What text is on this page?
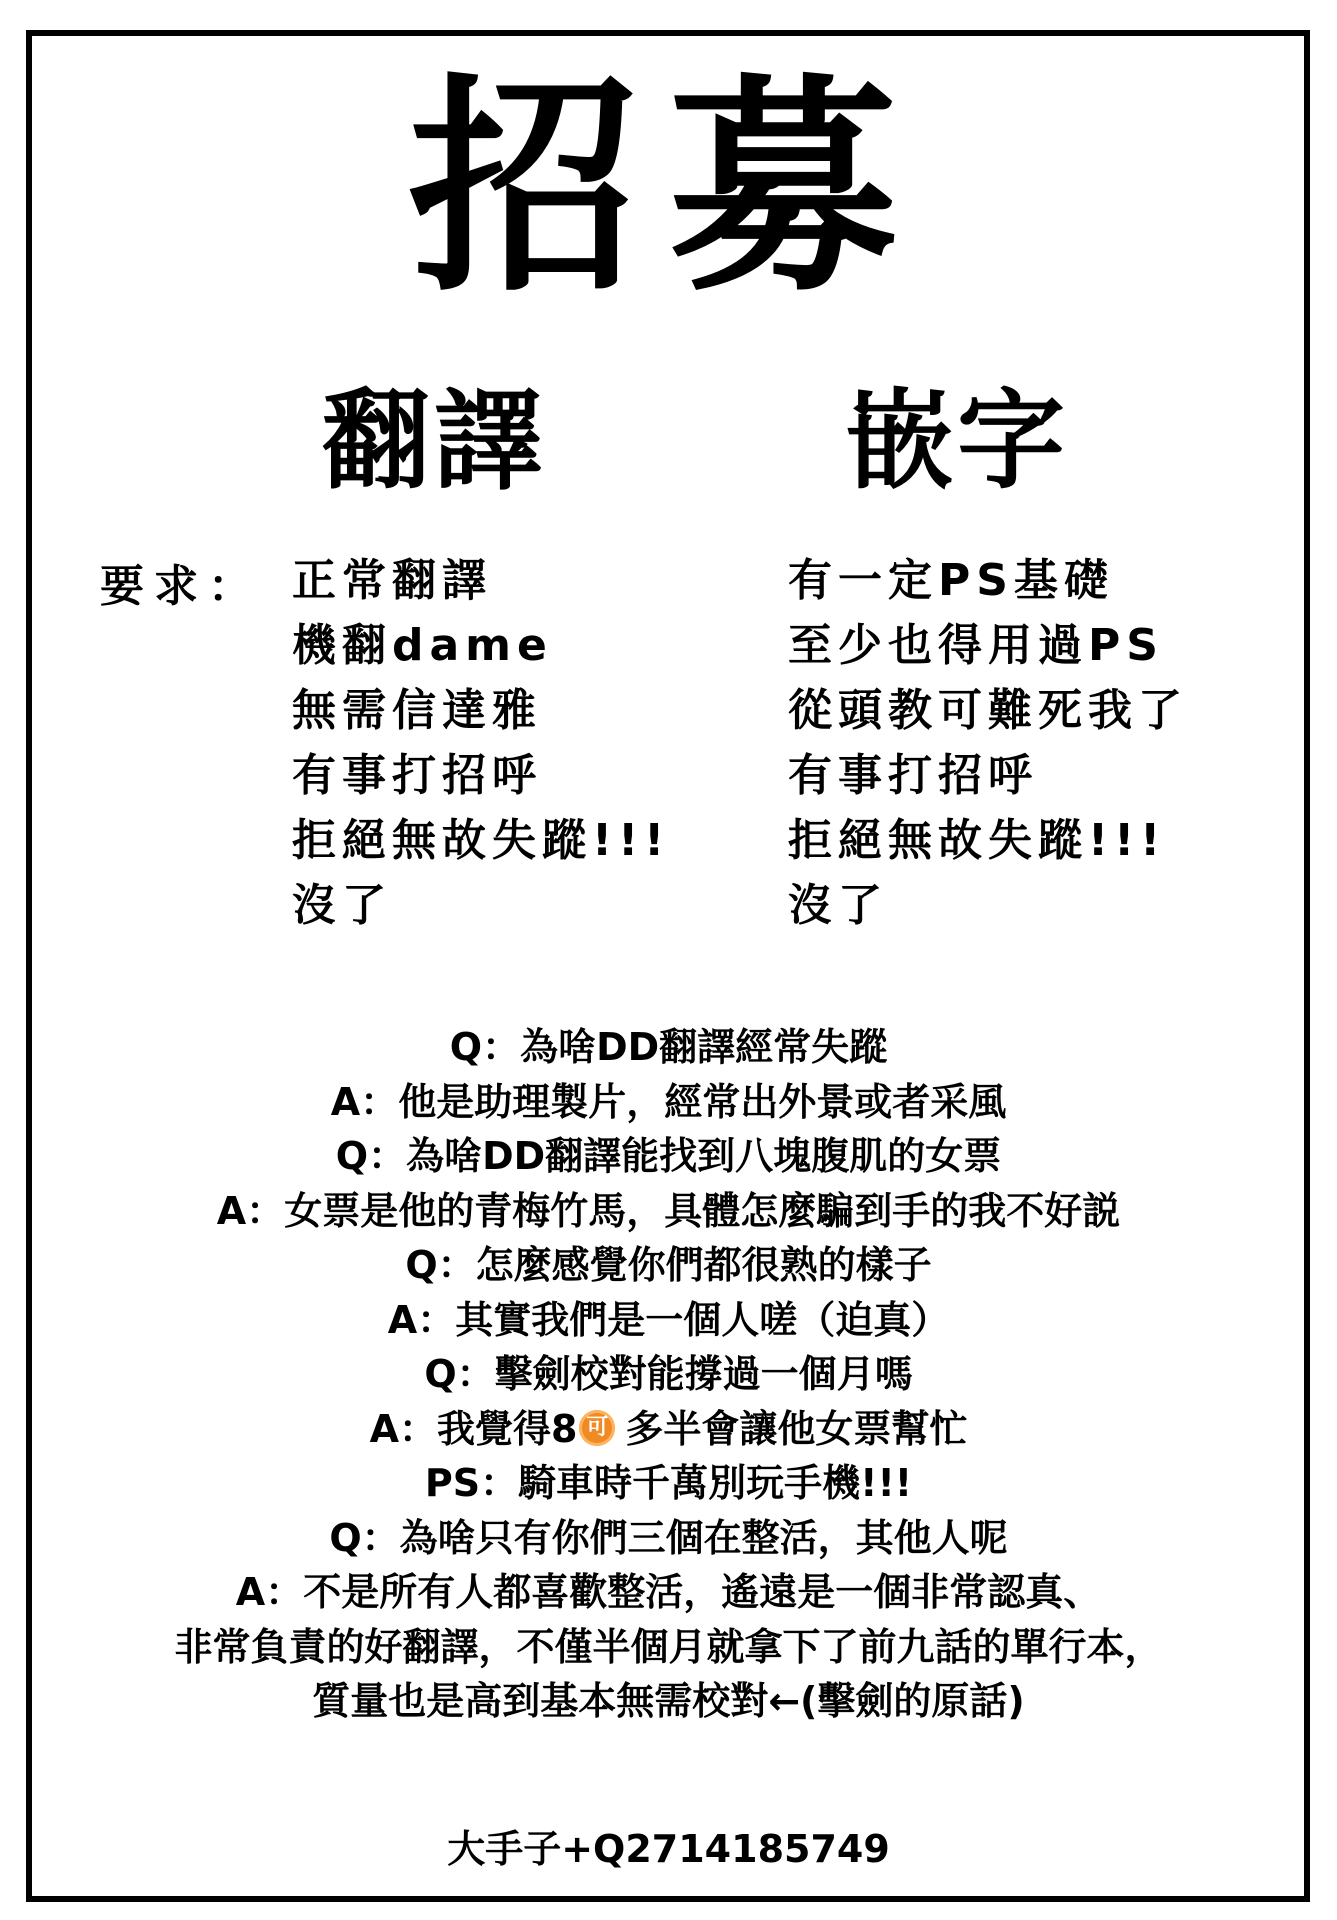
招募
翻譯	嵌字
要求： 正常翻譯
機翻dame
無需信達雅
有事打招呼
拒絕無故失蹤!!!
沒了
有一定PS基礎
至少也得用過PS
從頭教可難死我了
有事打招呼
拒絕無故失蹤!!!
沒了
Q：為啥DD翻譯經常失蹤
A：他是助理製片，經常出外景或者采風
Q：為啥DD翻譯能找到八塊腹肌的女票
A：女票是他的青梅竹馬，具體怎麼騙到手的我不好説
Q：怎麼感覺你們都很熟的樣子
A：其實我們是一個人嗟（迫真）
Q：擊劍校對能撐過一個月嗎
A：我覺得8 可 多半會讓他女票幫忙
PS：騎車時千萬別玩手機!!!
Q：為啥只有你們三個在整活，其他人呢
A：不是所有人都喜歡整活，遙遠是一個非常認真、
非常負責的好翻譯，不僅半個月就拿下了前九話的單行本，
質量也是高到基本無需校對←(擊劍的原話)
大手子+Q2714185749
